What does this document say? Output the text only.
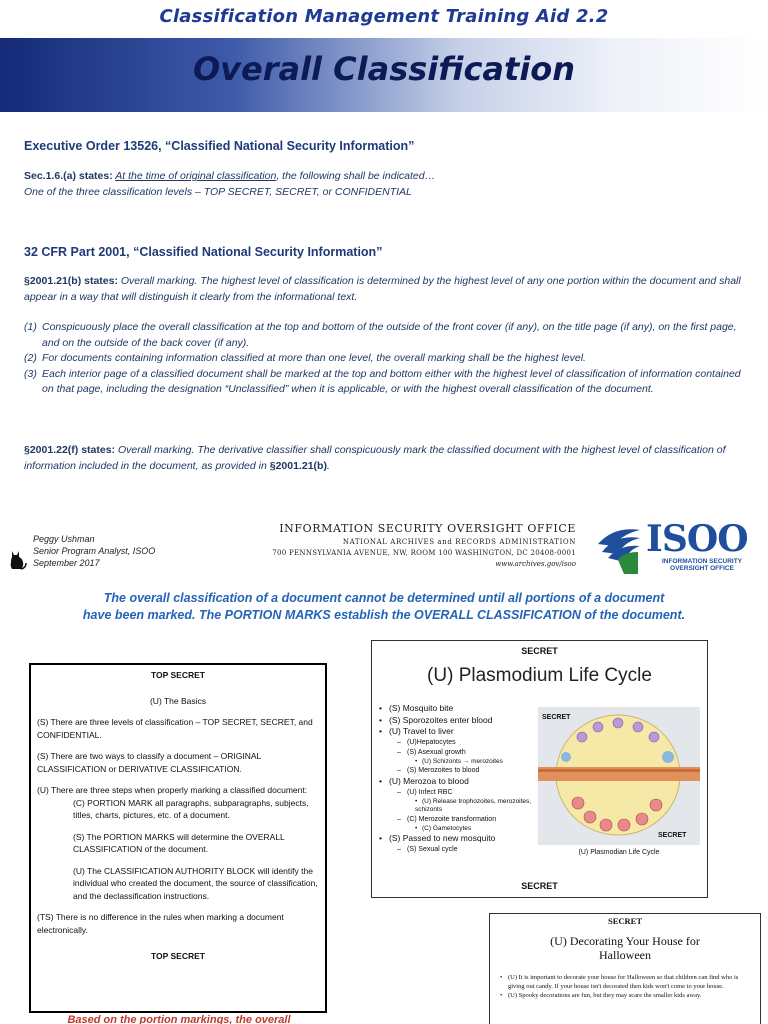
Classification Management Training Aid 2.2
Overall Classification
Executive Order 13526, “Classified National Security Information”
Sec.1.6.(a) states: At the time of original classification, the following shall be indicated…
One of the three classification levels – TOP SECRET, SECRET, or CONFIDENTIAL
32 CFR Part 2001, “Classified National Security Information”
§2001.21(b) states: Overall marking. The highest level of classification is determined by the highest level of any one portion within the document and shall appear in a way that will distinguish it clearly from the informational text.
(1) Conspicuously place the overall classification at the top and bottom of the outside of the front cover (if any), on the title page (if any), on the first page, and on the outside of the back cover (if any).
(2) For documents containing information classified at more than one level, the overall marking shall be the highest level.
(3) Each interior page of a classified document shall be marked at the top and bottom either with the highest level of classification of information contained on that page, including the designation “Unclassified” when it is applicable, or with the highest overall classification of the document.
§2001.22(f) states: Overall marking. The derivative classifier shall conspicuously mark the classified document with the highest level of classification of information included in the document, as provided in §2001.21(b).
Peggy Ushman
Senior Program Analyst, ISOO
September 2017
INFORMATION SECURITY OVERSIGHT OFFICE
NATIONAL ARCHIVES and RECORDS ADMINISTRATION
700 PENNSYLVANIA AVENUE, NW, ROOM 100 WASHINGTON, DC 20408-0001
www.archives.gov/isoo
ISOO
INFORMATION SECURITY
OVERSIGHT OFFICE
The overall classification of a document cannot be determined until all portions of a document
have been marked. The PORTION MARKS establish the OVERALL CLASSIFICATION of the document.
TOP SECRET

(U) The Basics

(S) There are three levels of classification – TOP SECRET, SECRET, and CONFIDENTIAL.

(S) There are two ways to classify a document – ORIGINAL CLASSIFICATION or DERIVATIVE CLASSIFICATION.

(U) There are three steps when properly marking a classified document:

(C) PORTION MARK all paragraphs, subparagraphs, subjects, titles, charts, pictures, etc. of a document.

(S) The PORTION MARKS will determine the OVERALL CLASSIFICATION of the document.

(U) The CLASSIFICATION AUTHORITY BLOCK will identify the individual who created the document, the source of classification, and the declassification instructions.

(TS) There is no difference in the rules when marking a document electronically.

TOP SECRET

SECRET
(U) Plasmodium Life Cycle
• (S) Mosquito bite
• (S) Sporozoites enter blood
• (U) Travel to liver
– (U)Hepatocytes
– (S) Asexual growth
• (U) Schizonts → merozoites
– (S) Merozoites to blood
• (U) Merozoa to blood
– (U) Infect RBC
• (U) Release trophozoites, merozoites, schizonts
– (C) Merozoite transformation
• (C) Gametocytes
• (S) Passed to new mosquito
– (S) Sexual cycle
SECRET
SECRET
(U) Plasmodian Life Cycle
SECRET
SECRET
(U) Decorating Your House for
Halloween
• (U) It is important to decorate your house for Halloween so that children can find who is giving out candy. If your house isn't decorated then kids won't come to your house.
• (U) Spooky decorations are fun, but they may scare the smaller kids away.
Based on the portion markings, the overall
